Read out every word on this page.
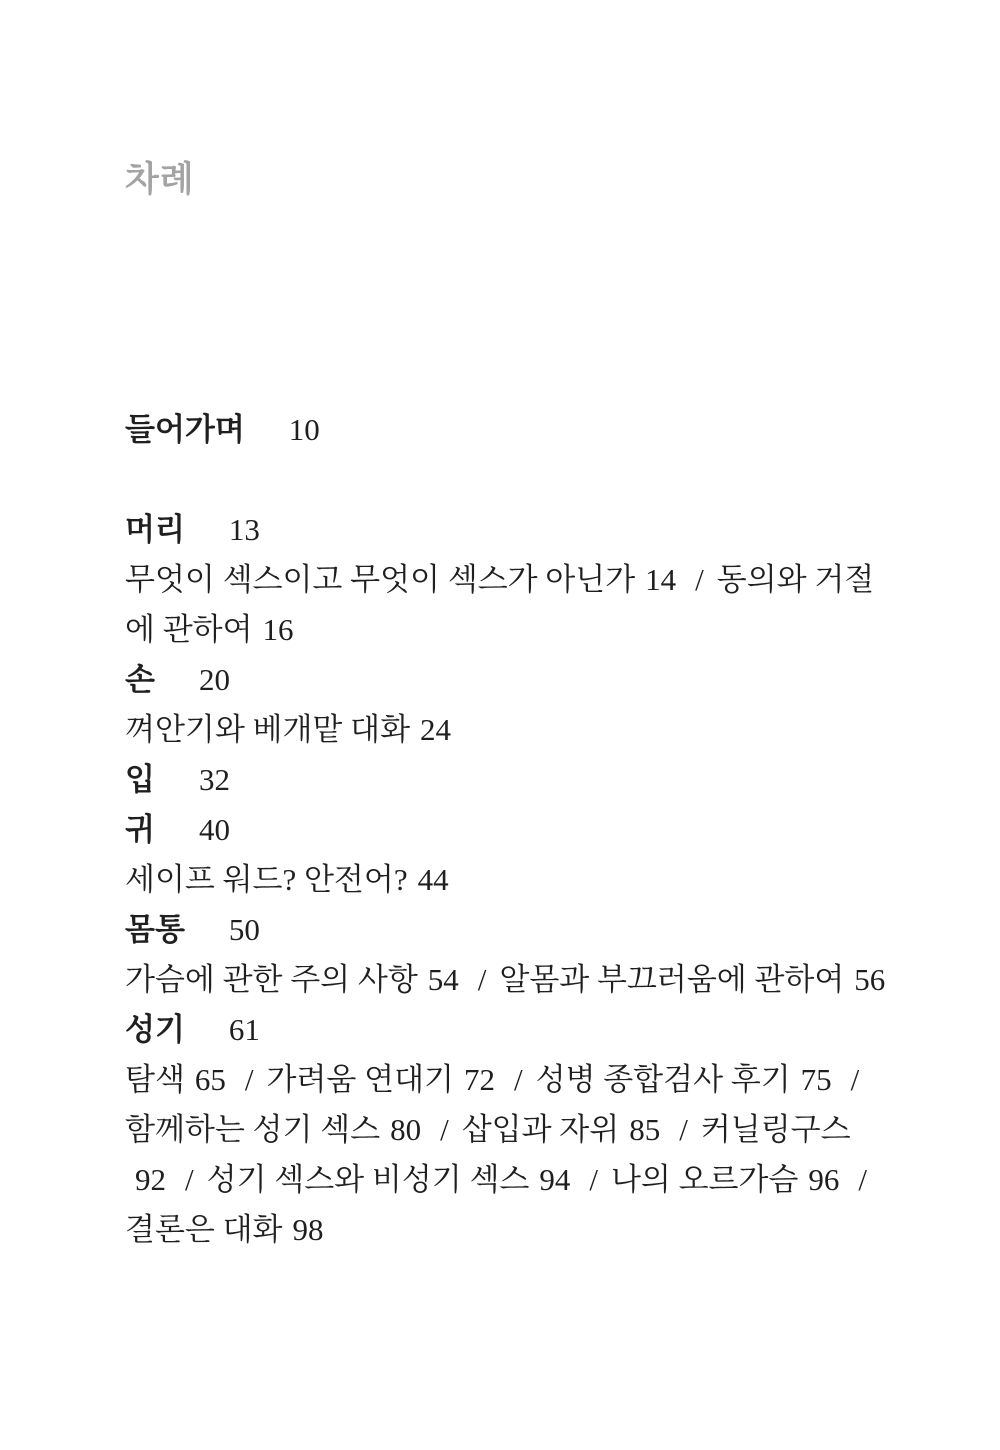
차례
들어가며 10
머리 13

무엇이 섹스이고 무엇이 섹스가 아닌가 14 / 동의와 거절에 관하여 16

손 20

껴안기와 베개맡 대화 24

입 32
귀 40

세이프 워드? 안전어? 44

몸통 50

가슴에 관한 주의 사항 54 / 알몸과 부끄러움에 관하여 56

성기 61

탐색 65 / 가려움 연대기 72 / 성병 종합검사 후기 75 /함께하는 성기 섹스 80 / 삽입과 자위 85 / 커닐링구스92 / 성기 섹스와 비성기 섹스 94 / 나의 오르가슴 96 /결론은 대화 98
